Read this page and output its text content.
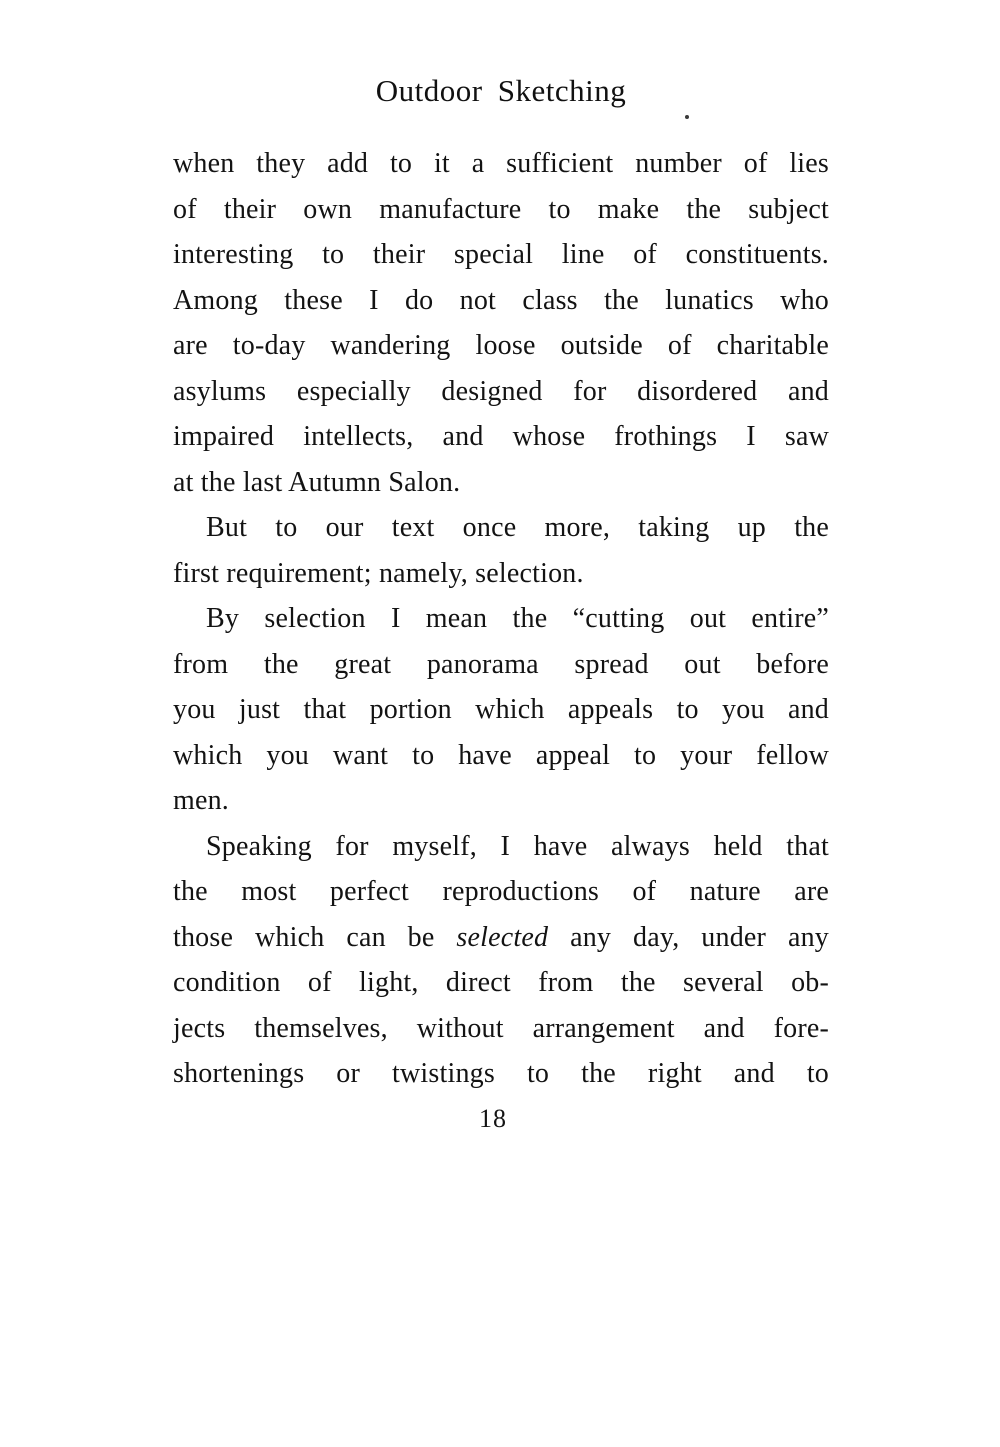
Outdoor Sketching
when they add to it a sufficient number of lies
of their own manufacture to make the subject
interesting to their special line of constituents.
Among these I do not class the lunatics who
are to-day wandering loose outside of charitable
asylums especially designed for disordered and
impaired intellects, and whose frothings I saw
at the last Autumn Salon.
But to our text once more, taking up the
first requirement; namely, selection.
By selection I mean the “cutting out entire”
from the great panorama spread out before
you just that portion which appeals to you and
which you want to have appeal to your fellow
men.
Speaking for myself, I have always held that
the most perfect reproductions of nature are
those which can be selected any day, under any
condition of light, direct from the several ob-
jects themselves, without arrangement and fore-
shortenings or twistings to the right and to
18
